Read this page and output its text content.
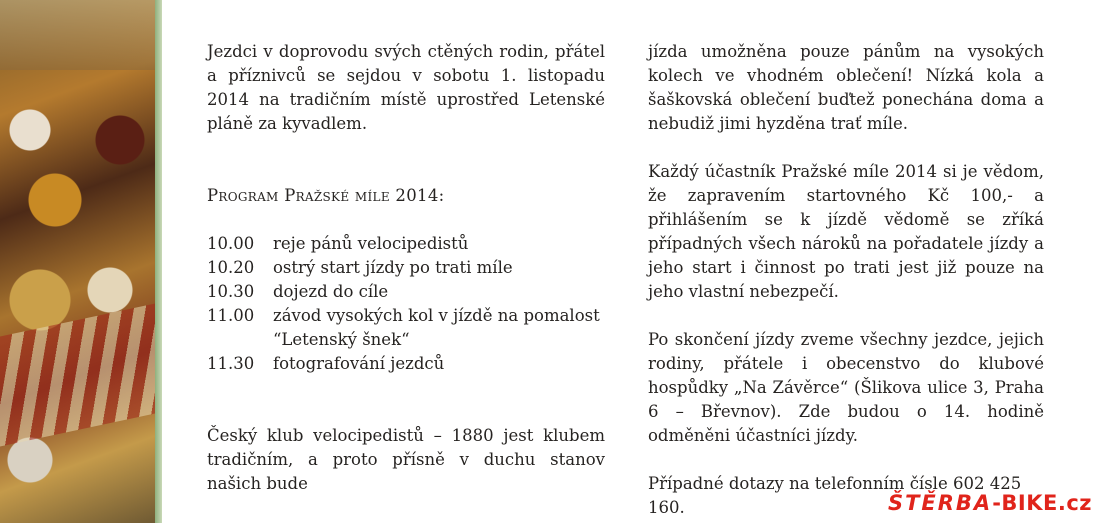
Jezdci v doprovodu svých ctěných rodin, přátel a příznivců se sejdou v sobotu 1. listopadu 2014 na tradičním místě uprostřed Letenské pláně za kyvadlem.

Program Pražské míle 2014:

10.00	reje pánů velocipedistů
10.20	ostrý start jízdy po trati míle
10.30	dojezd do cíle
11.00	závod vysokých kol v jízdě na pomalost “Letenský šnek“
11.30	fotografování jezdců

Český klub velocipedistů – 1880 jest klubem tradičním, a proto přísně v duchu stanov našich bude

jízda umožněna pouze pánům na vysokých kolech ve vhodném oblečení! Nízká kola a šaškovská oblečení buďtež ponechána doma a nebudiž jimi hyzděna trať míle.

Každý účastník Pražské míle 2014 si je vědom, že zapravením startovného Kč 100,- a přihlášením se k jízdě vědomě se zříká případných všech nároků na pořadatele jízdy a jeho start i činnost po trati jest již pouze na jeho vlastní nebezpečí.

Po skončení jízdy zveme všechny jezdce, jejich rodiny, přátele i obecenstvo do klubové hospůdky „Na Závěrce“ (Šlikova ulice 3, Praha 6 – Břevnov). Zde budou o 14. hodině odměněni účastníci jízdy.

Případné dotazy na telefonním čísle 602 425 160.	ŠTĚRBA-BIKE.cz
